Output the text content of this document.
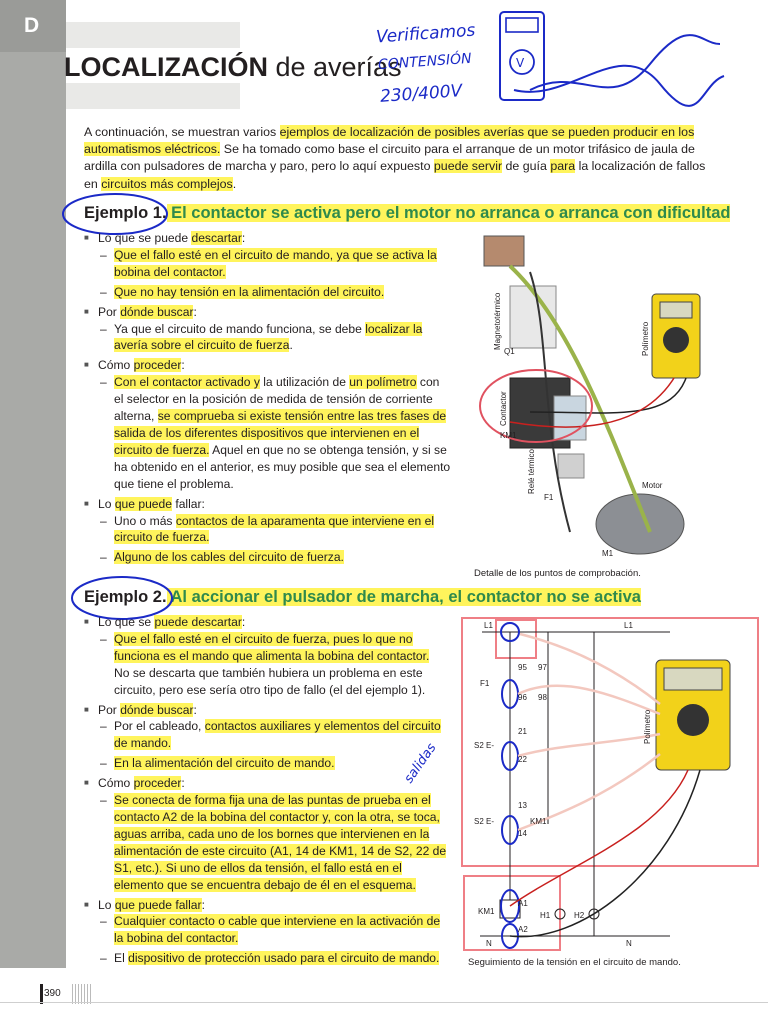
D
LOCALIZACIÓN de averías
Verificamos
CONTENSIÓN
230/400V
salidas
V
A continuación, se muestran varios ejemplos de localización de posibles averías que se pueden producir en los automatismos eléctricos. Se ha tomado como base el circuito para el arranque de un motor trifásico de jaula de ardilla con pulsadores de marcha y paro, pero lo aquí expuesto puede servir de guía para la localización de fallos en circuitos más complejos.
Ejemplo 1. El contactor se activa pero el motor no arranca o arranca con dificultad

■ Lo que se puede descartar:

– Que el fallo esté en el circuito de mando, ya que se activa la bobina del contactor.

– Que no hay tensión en la alimentación del circuito.

■ Por dónde buscar:

– Ya que el circuito de mando funciona, se debe localizar la avería sobre el circuito de fuerza.

■ Cómo proceder:

– Con el contactor activado y la utilización de un polímetro con el selector en la posición de medida de tensión de corriente alterna, se comprueba si existe tensión entre las tres fases de salida de los diferentes dispositivos que intervienen en el circuito de fuerza. Aquel en que no se obtenga tensión, y si se ha obtenido en el anterior, es muy posible que sea el elemento que tiene el problema.

■ Lo que puede fallar:

– Uno o más contactos de la aparamenta que interviene en el circuito de fuerza.

– Alguno de los cables del circuito de fuerza.

Magnetotérmico
Q1
Contactor
KM1
Relé térmico
F1
Motor
M1
Polímetro
Detalle de los puntos de comprobación.
Ejemplo 2. Al accionar el pulsador de marcha, el contactor no se activa

■ Lo que se puede descartar:

– Que el fallo esté en el circuito de fuerza, pues lo que no funciona es el mando que alimenta la bobina del contactor. No se descarta que también hubiera un problema en este circuito, pero ese sería otro tipo de fallo (el del ejemplo 1).

■ Por dónde buscar:

– Por el cableado, contactos auxiliares y elementos del circuito de mando.

– En la alimentación del circuito de mando.

■ Cómo proceder:

– Se conecta de forma fija una de las puntas de prueba en el contacto A2 de la bobina del contactor y, con la otra, se toca, aguas arriba, cada uno de los bornes que intervienen en la alimentación de este circuito (A1, 14 de KM1, 14 de S2, 22 de S1, etc.). Si uno de ellos da tensión, el fallo está en el elemento que se encuentra debajo de él en el esquema.

■ Lo que puede fallar:

– Cualquier contacto o cable que interviene en la activación de la bobina del contactor.

– El dispositivo de protección usado para el circuito de mando.

L1	L1
F1
95
96
97
98
S2 E-
21
22
S2 E-
13
14
KM1
KM1
A1
A2
H1	H2
N	N
Polímetro
Seguimiento de la tensión en el circuito de mando.
390
